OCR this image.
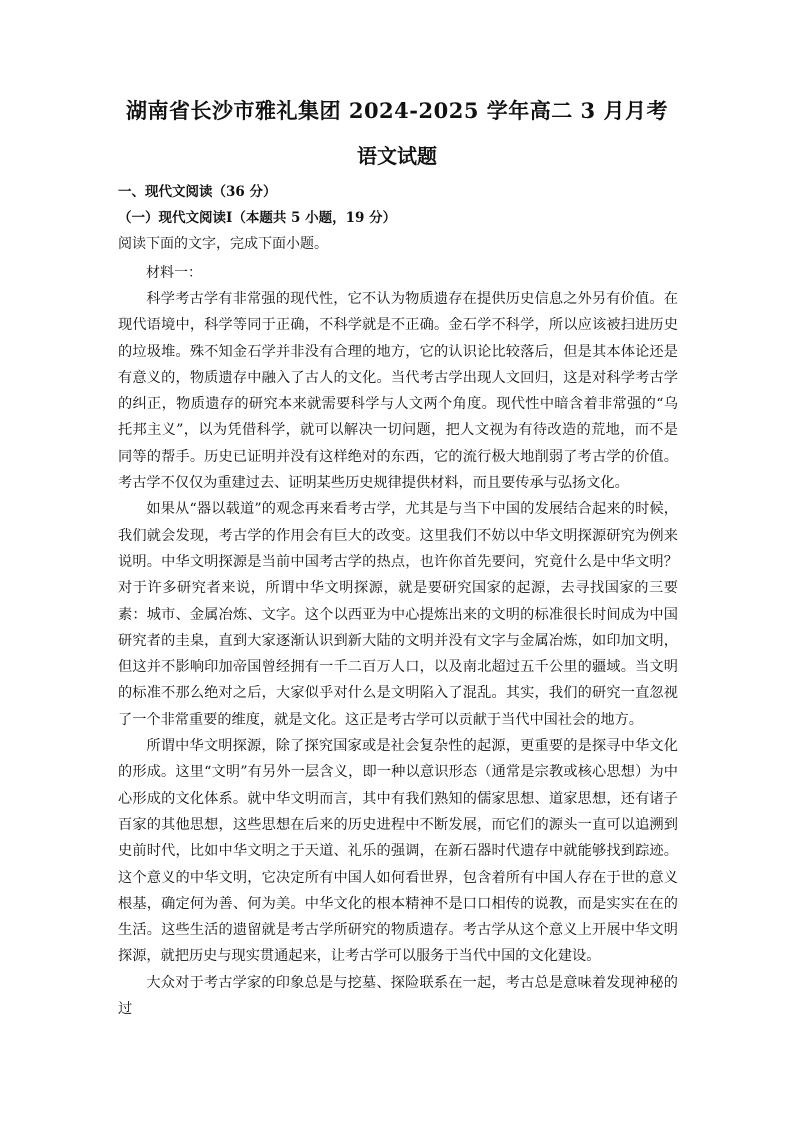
湖南省长沙市雅礼集团 2024-2025 学年高二 3 月月考
语文试题
一、现代文阅读（36 分）
（一）现代文阅读Ⅰ（本题共 5 小题，19 分）
阅读下面的文字，完成下面小题。
材料一：

科学考古学有非常强的现代性，它不认为物质遗存在提供历史信息之外另有价值。在现代语境中，科学等同于正确，不科学就是不正确。金石学不科学，所以应该被扫进历史的垃圾堆。殊不知金石学并非没有合理的地方，它的认识论比较落后，但是其本体论还是有意义的，物质遗存中融入了古人的文化。当代考古学出现人文回归，这是对科学考古学的纠正，物质遗存的研究本来就需要科学与人文两个角度。现代性中暗含着非常强的“乌托邦主义”，以为凭借科学，就可以解决一切问题，把人文视为有待改造的荒地，而不是同等的帮手。历史已证明并没有这样绝对的东西，它的流行极大地削弱了考古学的价值。考古学不仅仅为重建过去、证明某些历史规律提供材料，而且要传承与弘扬文化。

如果从“器以载道”的观念再来看考古学，尤其是与当下中国的发展结合起来的时候，我们就会发现，考古学的作用会有巨大的改变。这里我们不妨以中华文明探源研究为例来说明。中华文明探源是当前中国考古学的热点，也许你首先要问，究竟什么是中华文明？对于许多研究者来说，所谓中华文明探源，就是要研究国家的起源，去寻找国家的三要素：城市、金属冶炼、文字。这个以西亚为中心提炼出来的文明的标准很长时间成为中国研究者的圭臬，直到大家逐渐认识到新大陆的文明并没有文字与金属冶炼，如印加文明，但这并不影响印加帝国曾经拥有一千二百万人口，以及南北超过五千公里的疆域。当文明的标准不那么绝对之后，大家似乎对什么是文明陷入了混乱。其实，我们的研究一直忽视了一个非常重要的维度，就是文化。这正是考古学可以贡献于当代中国社会的地方。

所谓中华文明探源，除了探究国家或是社会复杂性的起源，更重要的是探寻中华文化的形成。这里“文明”有另外一层含义，即一种以意识形态（通常是宗教或核心思想）为中心形成的文化体系。就中华文明而言，其中有我们熟知的儒家思想、道家思想，还有诸子百家的其他思想，这些思想在后来的历史进程中不断发展，而它们的源头一直可以追溯到史前时代，比如中华文明之于天道、礼乐的强调，在新石器时代遗存中就能够找到踪迹。这个意义的中华文明，它决定所有中国人如何看世界，包含着所有中国人存在于世的意义根基，确定何为善、何为美。中华文化的根本精神不是口口相传的说教，而是实实在在的生活。这些生活的遗留就是考古学所研究的物质遗存。考古学从这个意义上开展中华文明探源，就把历史与现实贯通起来，让考古学可以服务于当代中国的文化建设。

大众对于考古学家的印象总是与挖墓、探险联系在一起，考古总是意味着发现神秘的过
